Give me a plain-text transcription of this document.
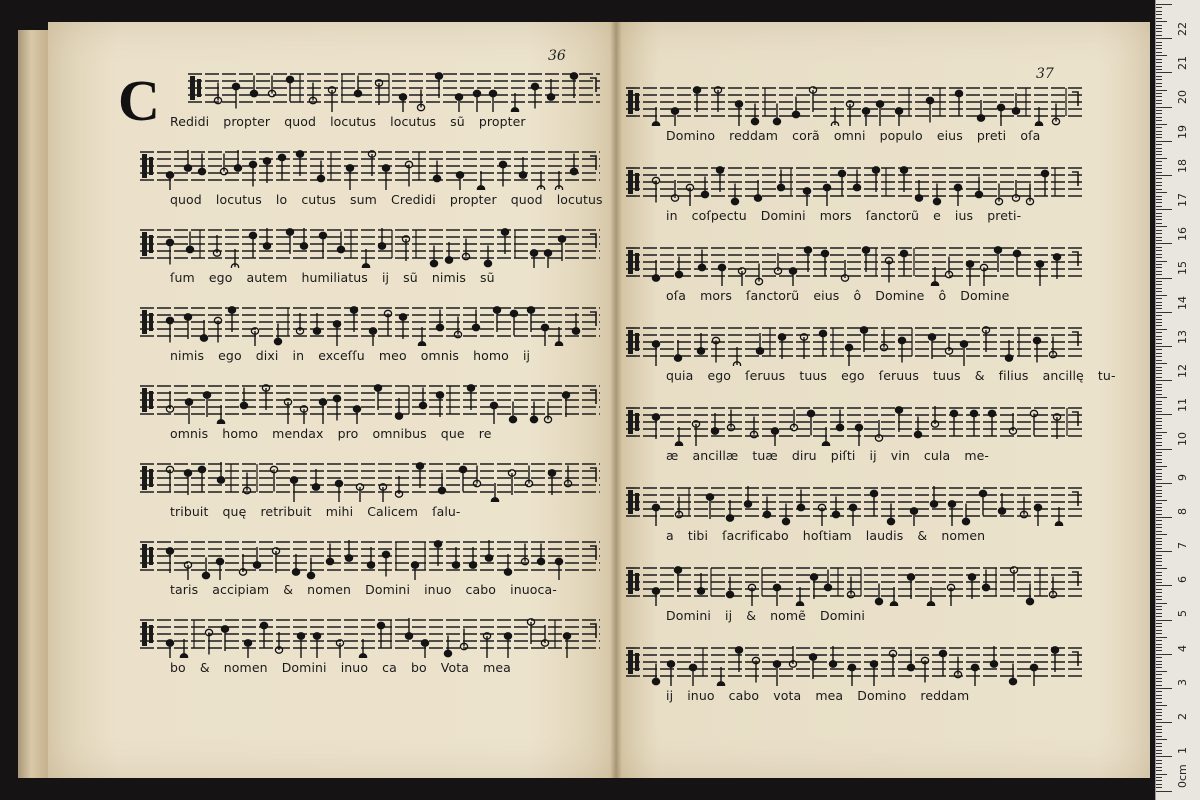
36
C Redidi propter quod locutus locutus sũ propter
quod locutus lo cutus sum Credidi propter quod locutus
ſum ego autem humiliatus ij sũ nimis sũ
nimis ego dixi in exceſſu meo omnis homo ij
omnis homo mendax pro omnibus que re
tribuit quę retribuit mihi Calicem ſalu-
taris accipiam & nomen Domini inuo cabo inuoca-
bo & nomen Domini inuo ca bo Vota mea
37
Domino reddam corã omni populo eius preti oſa
in coſpectu Domini mors ſanctorũ e ius preti-
oſa mors ſanctorũ eius ô Domine ô Domine
quia ego ſeruus tuus ego ſeruus tuus & filius ancillę tu-
æ ancillæ tuæ diru piſti ij vin cula me-
a tibi ſacrificabo hoſtiam laudis & nomen
Domini ij & nomẽ Domini
ij inuo cabo vota mea Domino reddam
22
21
20
19
18
17
16
15
14
13
12
11
10
9
8
7
6
5
4
3
2
1
0cm
